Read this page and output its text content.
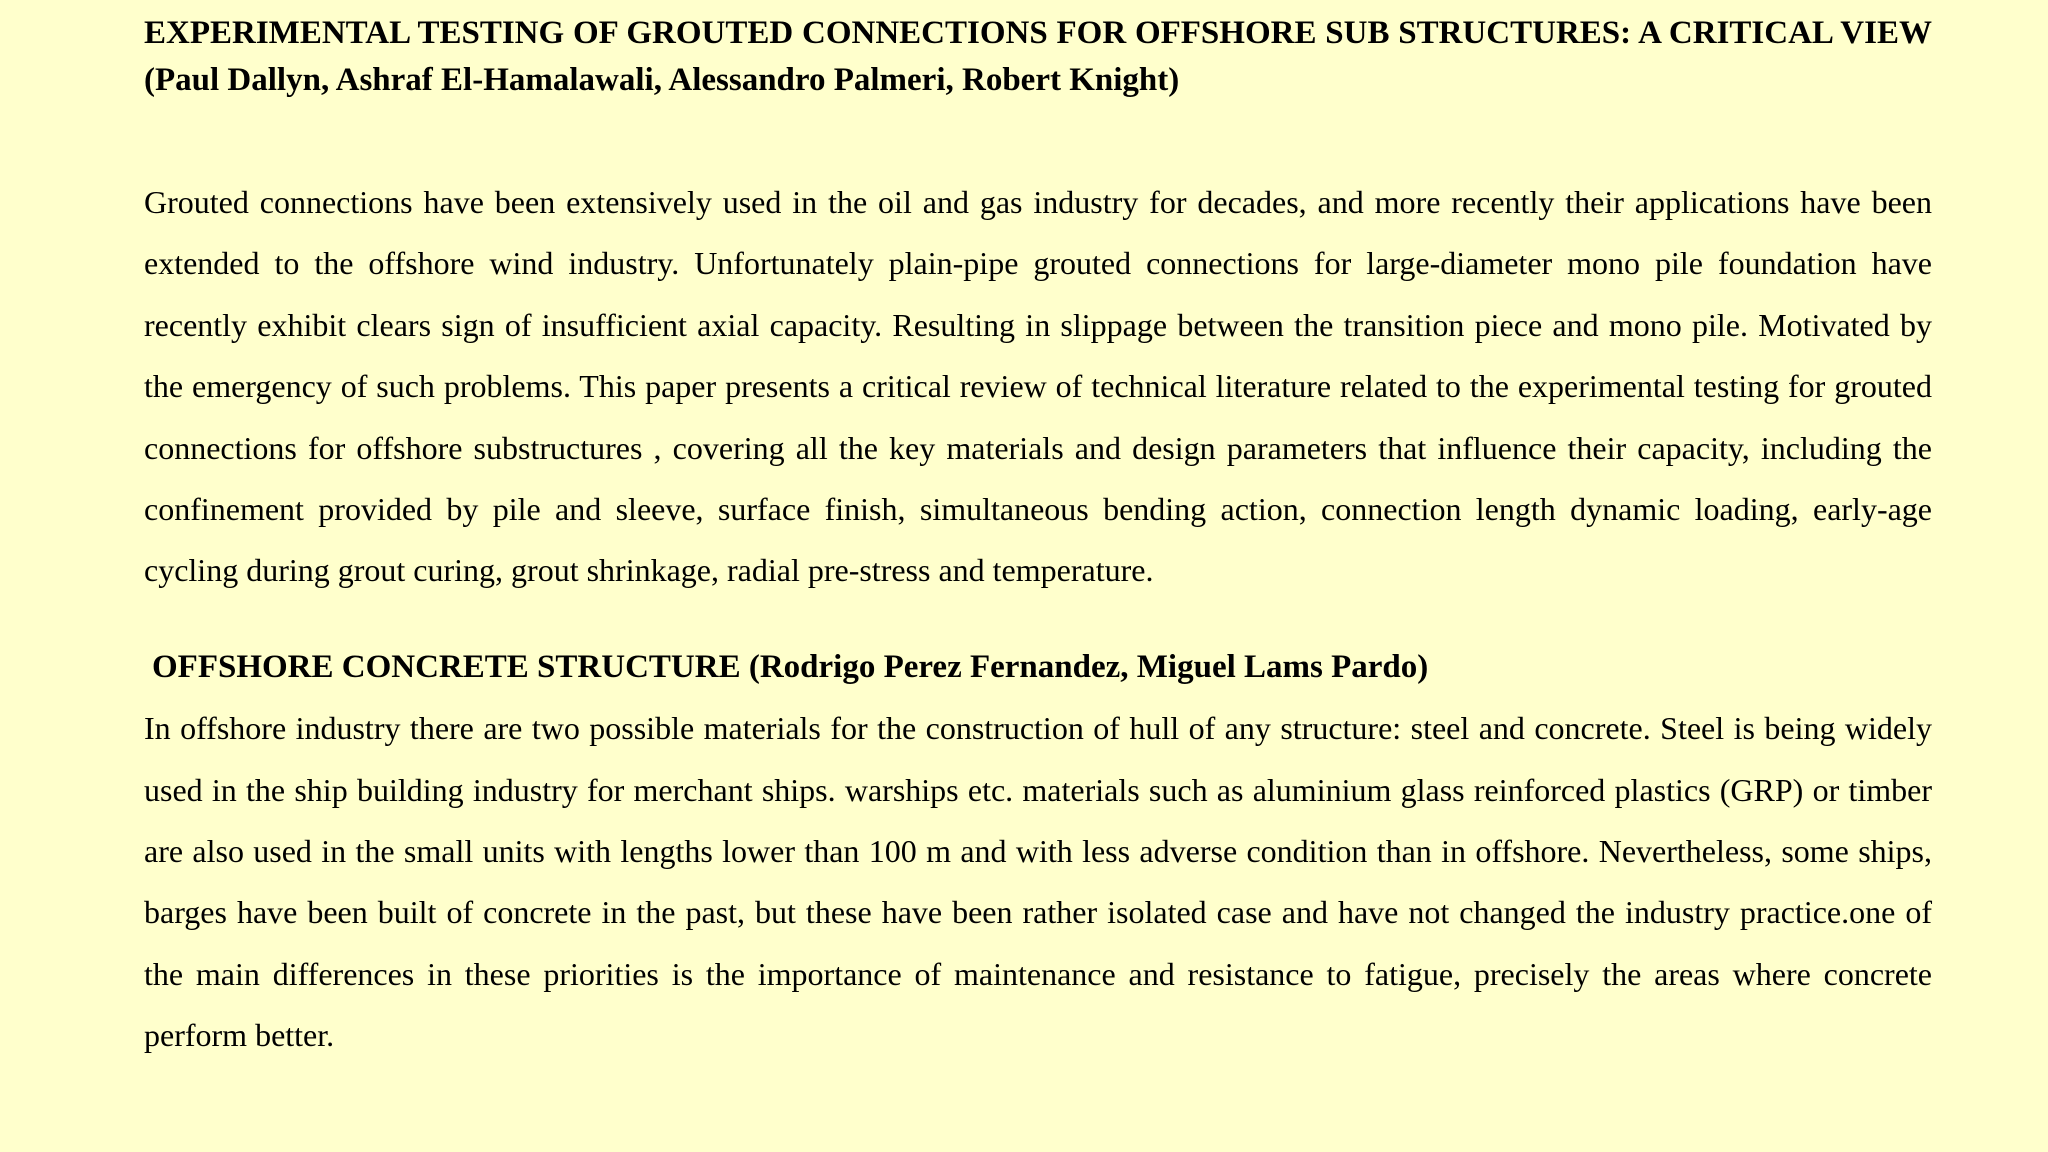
EXPERIMENTAL TESTING OF GROUTED CONNECTIONS FOR OFFSHORE SUB STRUCTURES: A CRITICAL VIEW (Paul Dallyn, Ashraf El-Hamalawali, Alessandro Palmeri, Robert Knight)

Grouted connections have been extensively used in the oil and gas industry for decades, and more recently their applications have been extended to the offshore wind industry. Unfortunately plain-pipe grouted connections for large-diameter mono pile foundation have recently exhibit clears sign of insufficient axial capacity. Resulting in slippage between the transition piece and mono pile. Motivated by the emergency of such problems. This paper presents a critical review of technical literature related to the experimental testing for grouted connections for offshore substructures , covering all the key materials and design parameters that influence their capacity, including the confinement provided by pile and sleeve, surface finish, simultaneous bending action, connection length dynamic loading, early-age cycling during grout curing, grout shrinkage, radial pre-stress and temperature.

OFFSHORE CONCRETE STRUCTURE (Rodrigo Perez Fernandez, Miguel Lams Pardo)

In offshore industry there are two possible materials for the construction of hull of any structure: steel and concrete. Steel is being widely used in the ship building industry for merchant ships. warships etc. materials such as aluminium glass reinforced plastics (GRP) or timber are also used in the small units with lengths lower than 100 m and with less adverse condition than in offshore. Nevertheless, some ships, barges have been built of concrete in the past, but these have been rather isolated case and have not changed the industry practice.one of the main differences in these priorities is the importance of maintenance and resistance to fatigue, precisely the areas where concrete perform better.
